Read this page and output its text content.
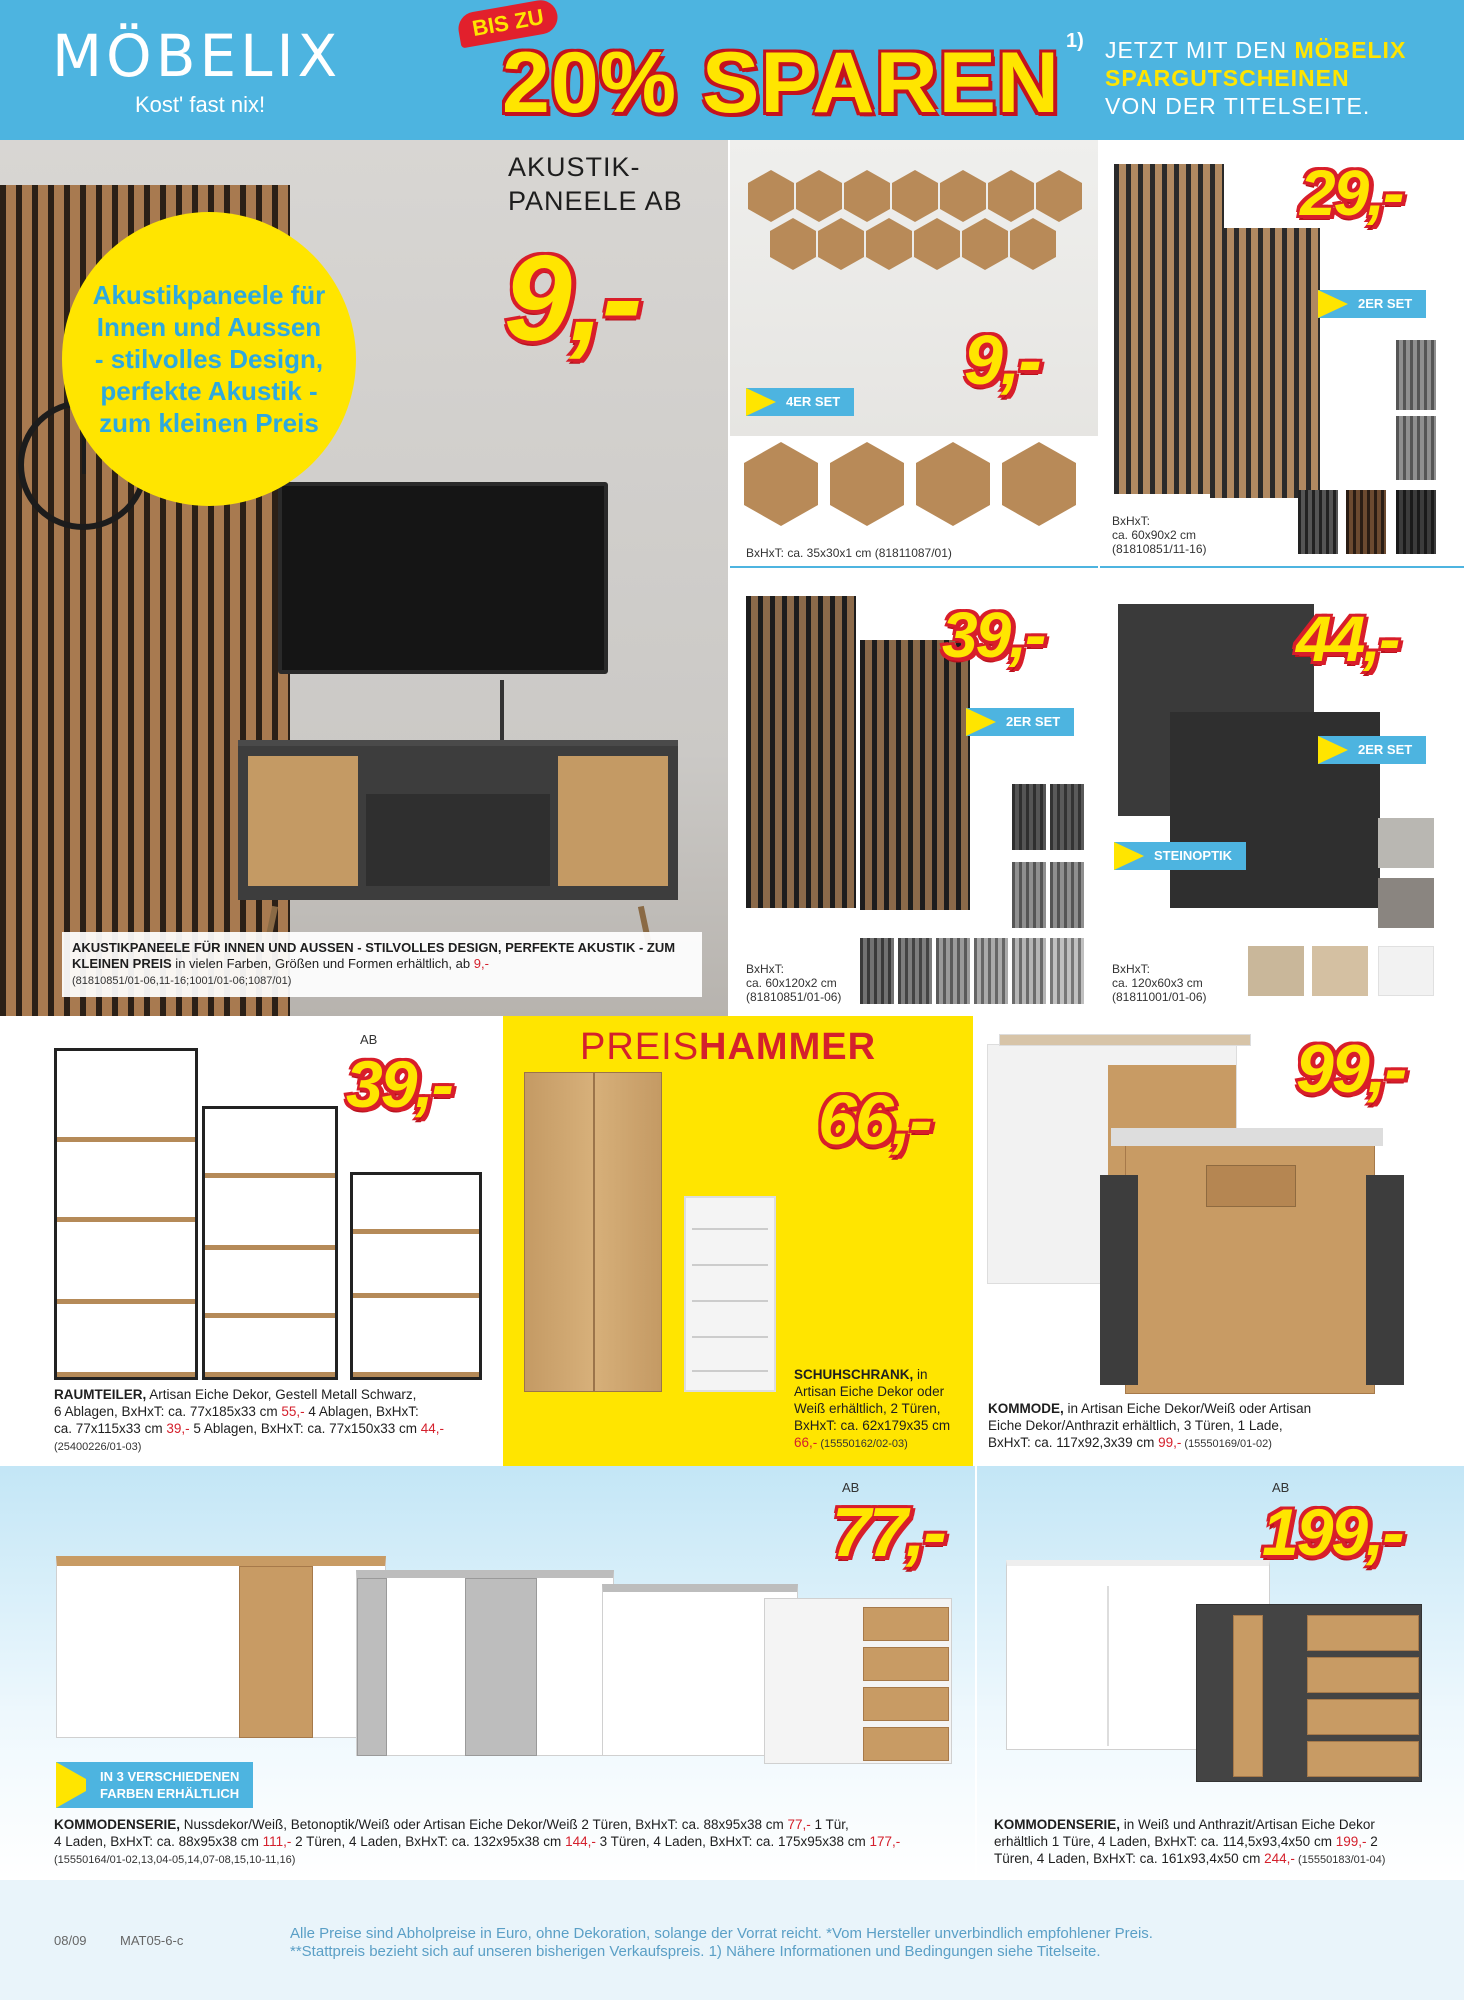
MÖBELIX
Kost' fast nix!
BIS ZU
20% SPAREN 1) JETZT MIT DEN MÖBELIX
SPARGUTSCHEINEN
VON DER TITELSEITE.
Akustikpaneele für Innen und Aussen - stilvolles Design, perfekte Akustik - zum kleinen Preis
AKUSTIK-PANEELE AB
9,-
AKUSTIKPANEELE FÜR INNEN UND AUSSEN - STILVOLLES DESIGN, PERFEKTE AKUSTIK - ZUM KLEINEN PREIS in vielen Farben, Größen und Formen erhältlich, ab 9,-
(81810851/01-06,11-16;1001/01-06;1087/01)
9,-
4ER SET
BxHxT: ca. 35x30x1 cm (81811087/01)
29,-
2ER SET
BxHxT:
ca. 60x90x2 cm
(81810851/11-16)
39,-
2ER SET
BxHxT:
ca. 60x120x2 cm
(81810851/01-06)
44,-
2ER SET
STEINOPTIK
BxHxT:
ca. 120x60x3 cm
(81811001/01-06)
AB
39,-
RAUMTEILER, Artisan Eiche Dekor, Gestell Metall Schwarz,
6 Ablagen, BxHxT: ca. 77x185x33 cm 55,- 4 Ablagen, BxHxT:
ca. 77x115x33 cm 39,- 5 Ablagen, BxHxT: ca. 77x150x33 cm 44,-
(25400226/01-03)
PREISHAMMER
66,-
SCHUHSCHRANK, in
Artisan Eiche Dekor oder
Weiß erhältlich, 2 Türen,
BxHxT: ca. 62x179x35 cm
66,- (15550162/02-03)
99,-
KOMMODE, in Artisan Eiche Dekor/Weiß oder Artisan
Eiche Dekor/Anthrazit erhältlich, 3 Türen, 1 Lade,
BxHxT: ca. 117x92,3x39 cm 99,- (15550169/01-02)
AB
77,-
IN 3 VERSCHIEDENEN
FARBEN ERHÄLTLICH
KOMMODENSERIE, Nussdekor/Weiß, Betonoptik/Weiß oder Artisan Eiche Dekor/Weiß 2 Türen, BxHxT: ca. 88x95x38 cm 77,- 1 Tür,
4 Laden, BxHxT: ca. 88x95x38 cm 111,- 2 Türen, 4 Laden, BxHxT: ca. 132x95x38 cm 144,- 3 Türen, 4 Laden, BxHxT: ca. 175x95x38 cm 177,-
(15550164/01-02,13,04-05,14,07-08,15,10-11,16)
AB
199,-
KOMMODENSERIE, in Weiß und Anthrazit/Artisan Eiche Dekor
erhältlich 1 Türe, 4 Laden, BxHxT: ca. 114,5x93,4x50 cm 199,- 2
Türen, 4 Laden, BxHxT: ca. 161x93,4x50 cm 244,- (15550183/01-04)
08/09	MAT05-6-c	Alle Preise sind Abholpreise in Euro, ohne Dekoration, solange der Vorrat reicht. *Vom Hersteller unverbindlich empfohlener Preis.
**Stattpreis bezieht sich auf unseren bisherigen Verkaufspreis. 1) Nähere Informationen und Bedingungen siehe Titelseite.
